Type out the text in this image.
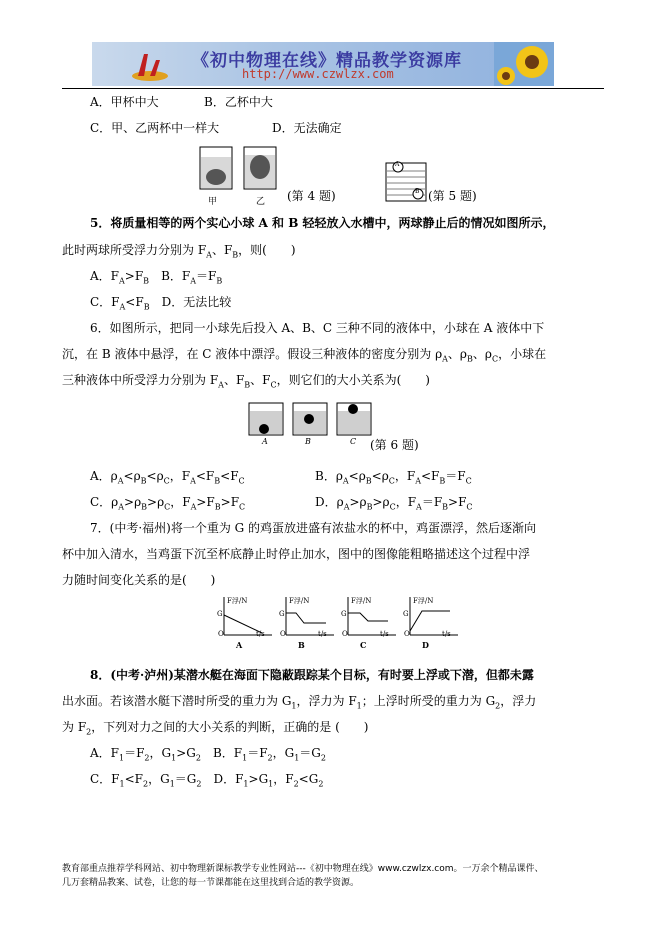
《初中物理在线》精品教学资源库
http://www.czwlzx.com
A．甲杯中大	B．乙杯中大
C．甲、乙两杯中一样大	D．无法确定
甲	乙 (第 4 题)
A
B (第 5 题)
5．将质量相等的两个实心小球 A 和 B 轻轻放入水槽中，两球静止后的情况如图所示，
此时两球所受浮力分别为 $F_A$、$F_B$，则(　　)
A．$F_A>F_B$　B．$F_A=F_B$
C．$F_A<F_B$　D．无法比较
6．如图所示，把同一小球先后投入 A、B、C 三种不同的液体中，小球在 A 液体中下
沉，在 B 液体中悬浮，在 C 液体中漂浮。假设三种液体的密度分别为 $\rho_A$、$\rho_B$、$\rho_C$，小球在
三种液体中所受浮力分别为 $F_A$、$F_B$、$F_C$，则它们的大小关系为(　　)
A	B	C (第 6 题)
A．$\rho_A<\rho_B<\rho_C$，$F_A<F_B<F_C$	B．$\rho_A<\rho_B<\rho_C$，$F_A<F_B=F_C$
C．$\rho_A>\rho_B>\rho_C$，$F_A>F_B>F_C$	D．$\rho_A>\rho_B>\rho_C$，$F_A=F_B>F_C$
7．(中考·福州)将一个重为 G 的鸡蛋放进盛有浓盐水的杯中，鸡蛋漂浮，然后逐渐向
杯中加入清水，当鸡蛋下沉至杯底静止时停止加水，图中的图像能粗略描述这个过程中浮
力随时间变化关系的是(　　)
F浮/N	F浮/N	F浮/N	F浮/N
G	G	G	G
O	O	O	O
t/s	t/s	t/s	t/s
A	B	C	D
8．(中考·泸州)某潜水艇在海面下隐蔽跟踪某个目标，有时要上浮或下潜，但都未露
出水面。若该潜水艇下潜时所受的重力为 $G_1$，浮力为 $F_1$；上浮时所受的重力为 $G_2$，浮力
为 $F_2$，下列对力之间的大小关系的判断，正确的是 (　　)
A．$F_1=F_2$，$G_1>G_2$　B．$F_1=F_2$，$G_1=G_2$
C．$F_1<F_2$，$G_1=G_2$　D．$F_1>G_1$，$F_2<G_2$
教育部重点推荐学科网站、初中物理新课标教学专业性网站---《初中物理在线》www.czwlzx.com。一万余个精品课件、
几万套精品教案、试卷，让您的每一节课都能在这里找到合适的教学资源。
